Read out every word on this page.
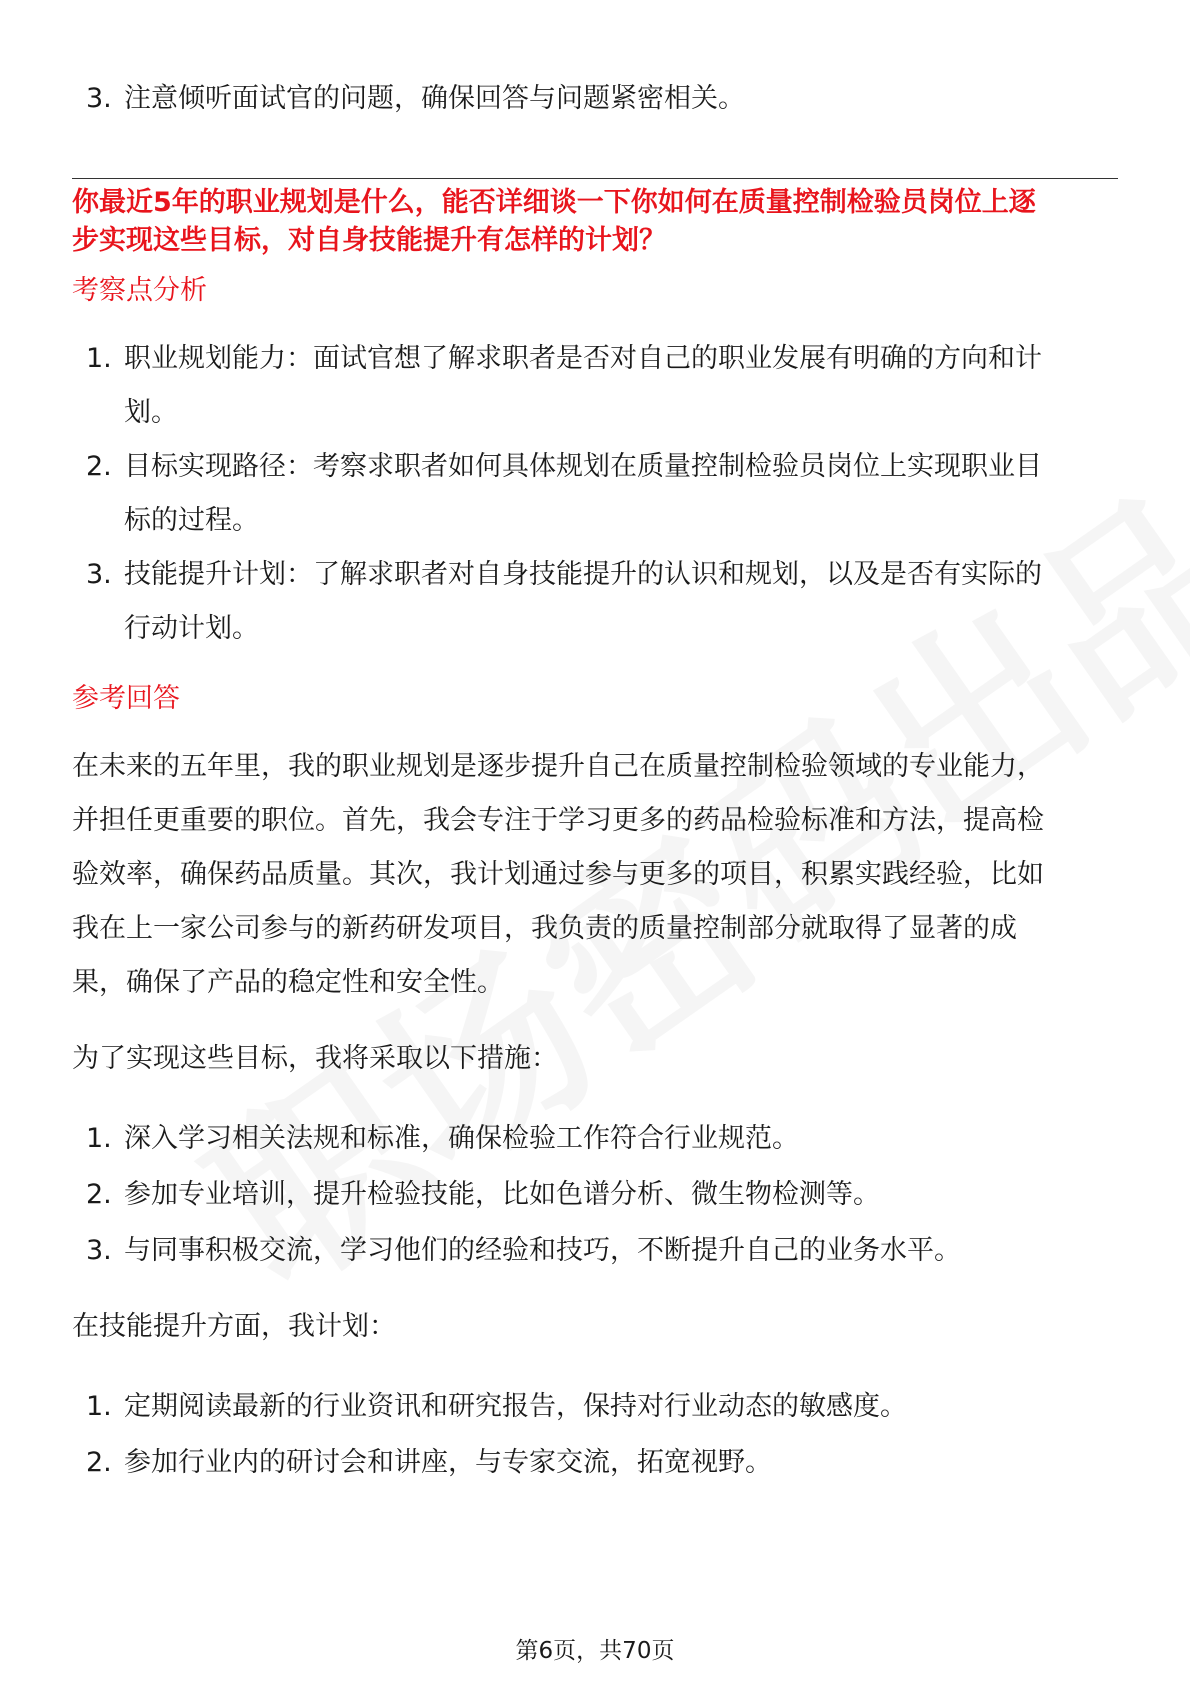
3. 注意倾听面试官的问题，确保回答与问题紧密相关。
你最近5年的职业规划是什么，能否详细谈一下你如何在质量控制检验员岗位上逐
步实现这些目标，对自身技能提升有怎样的计划？
考察点分析
1. 职业规划能力：面试官想了解求职者是否对自己的职业发展有明确的方向和计
划。
2. 目标实现路径：考察求职者如何具体规划在质量控制检验员岗位上实现职业目
标的过程。
3. 技能提升计划：了解求职者对自身技能提升的认识和规划，以及是否有实际的
行动计划。
参考回答
在未来的五年里，我的职业规划是逐步提升自己在质量控制检验领域的专业能力，
并担任更重要的职位。首先，我会专注于学习更多的药品检验标准和方法，提高检
验效率，确保药品质量。其次，我计划通过参与更多的项目，积累实践经验，比如
我在上一家公司参与的新药研发项目，我负责的质量控制部分就取得了显著的成
果，确保了产品的稳定性和安全性。
为了实现这些目标，我将采取以下措施：
1. 深入学习相关法规和标准，确保检验工作符合行业规范。
2. 参加专业培训，提升检验技能，比如色谱分析、微生物检测等。
3. 与同事积极交流，学习他们的经验和技巧，不断提升自己的业务水平。
在技能提升方面，我计划：
1. 定期阅读最新的行业资讯和研究报告，保持对行业动态的敏感度。
2. 参加行业内的研讨会和讲座，与专家交流，拓宽视野。
第6页，共70页
